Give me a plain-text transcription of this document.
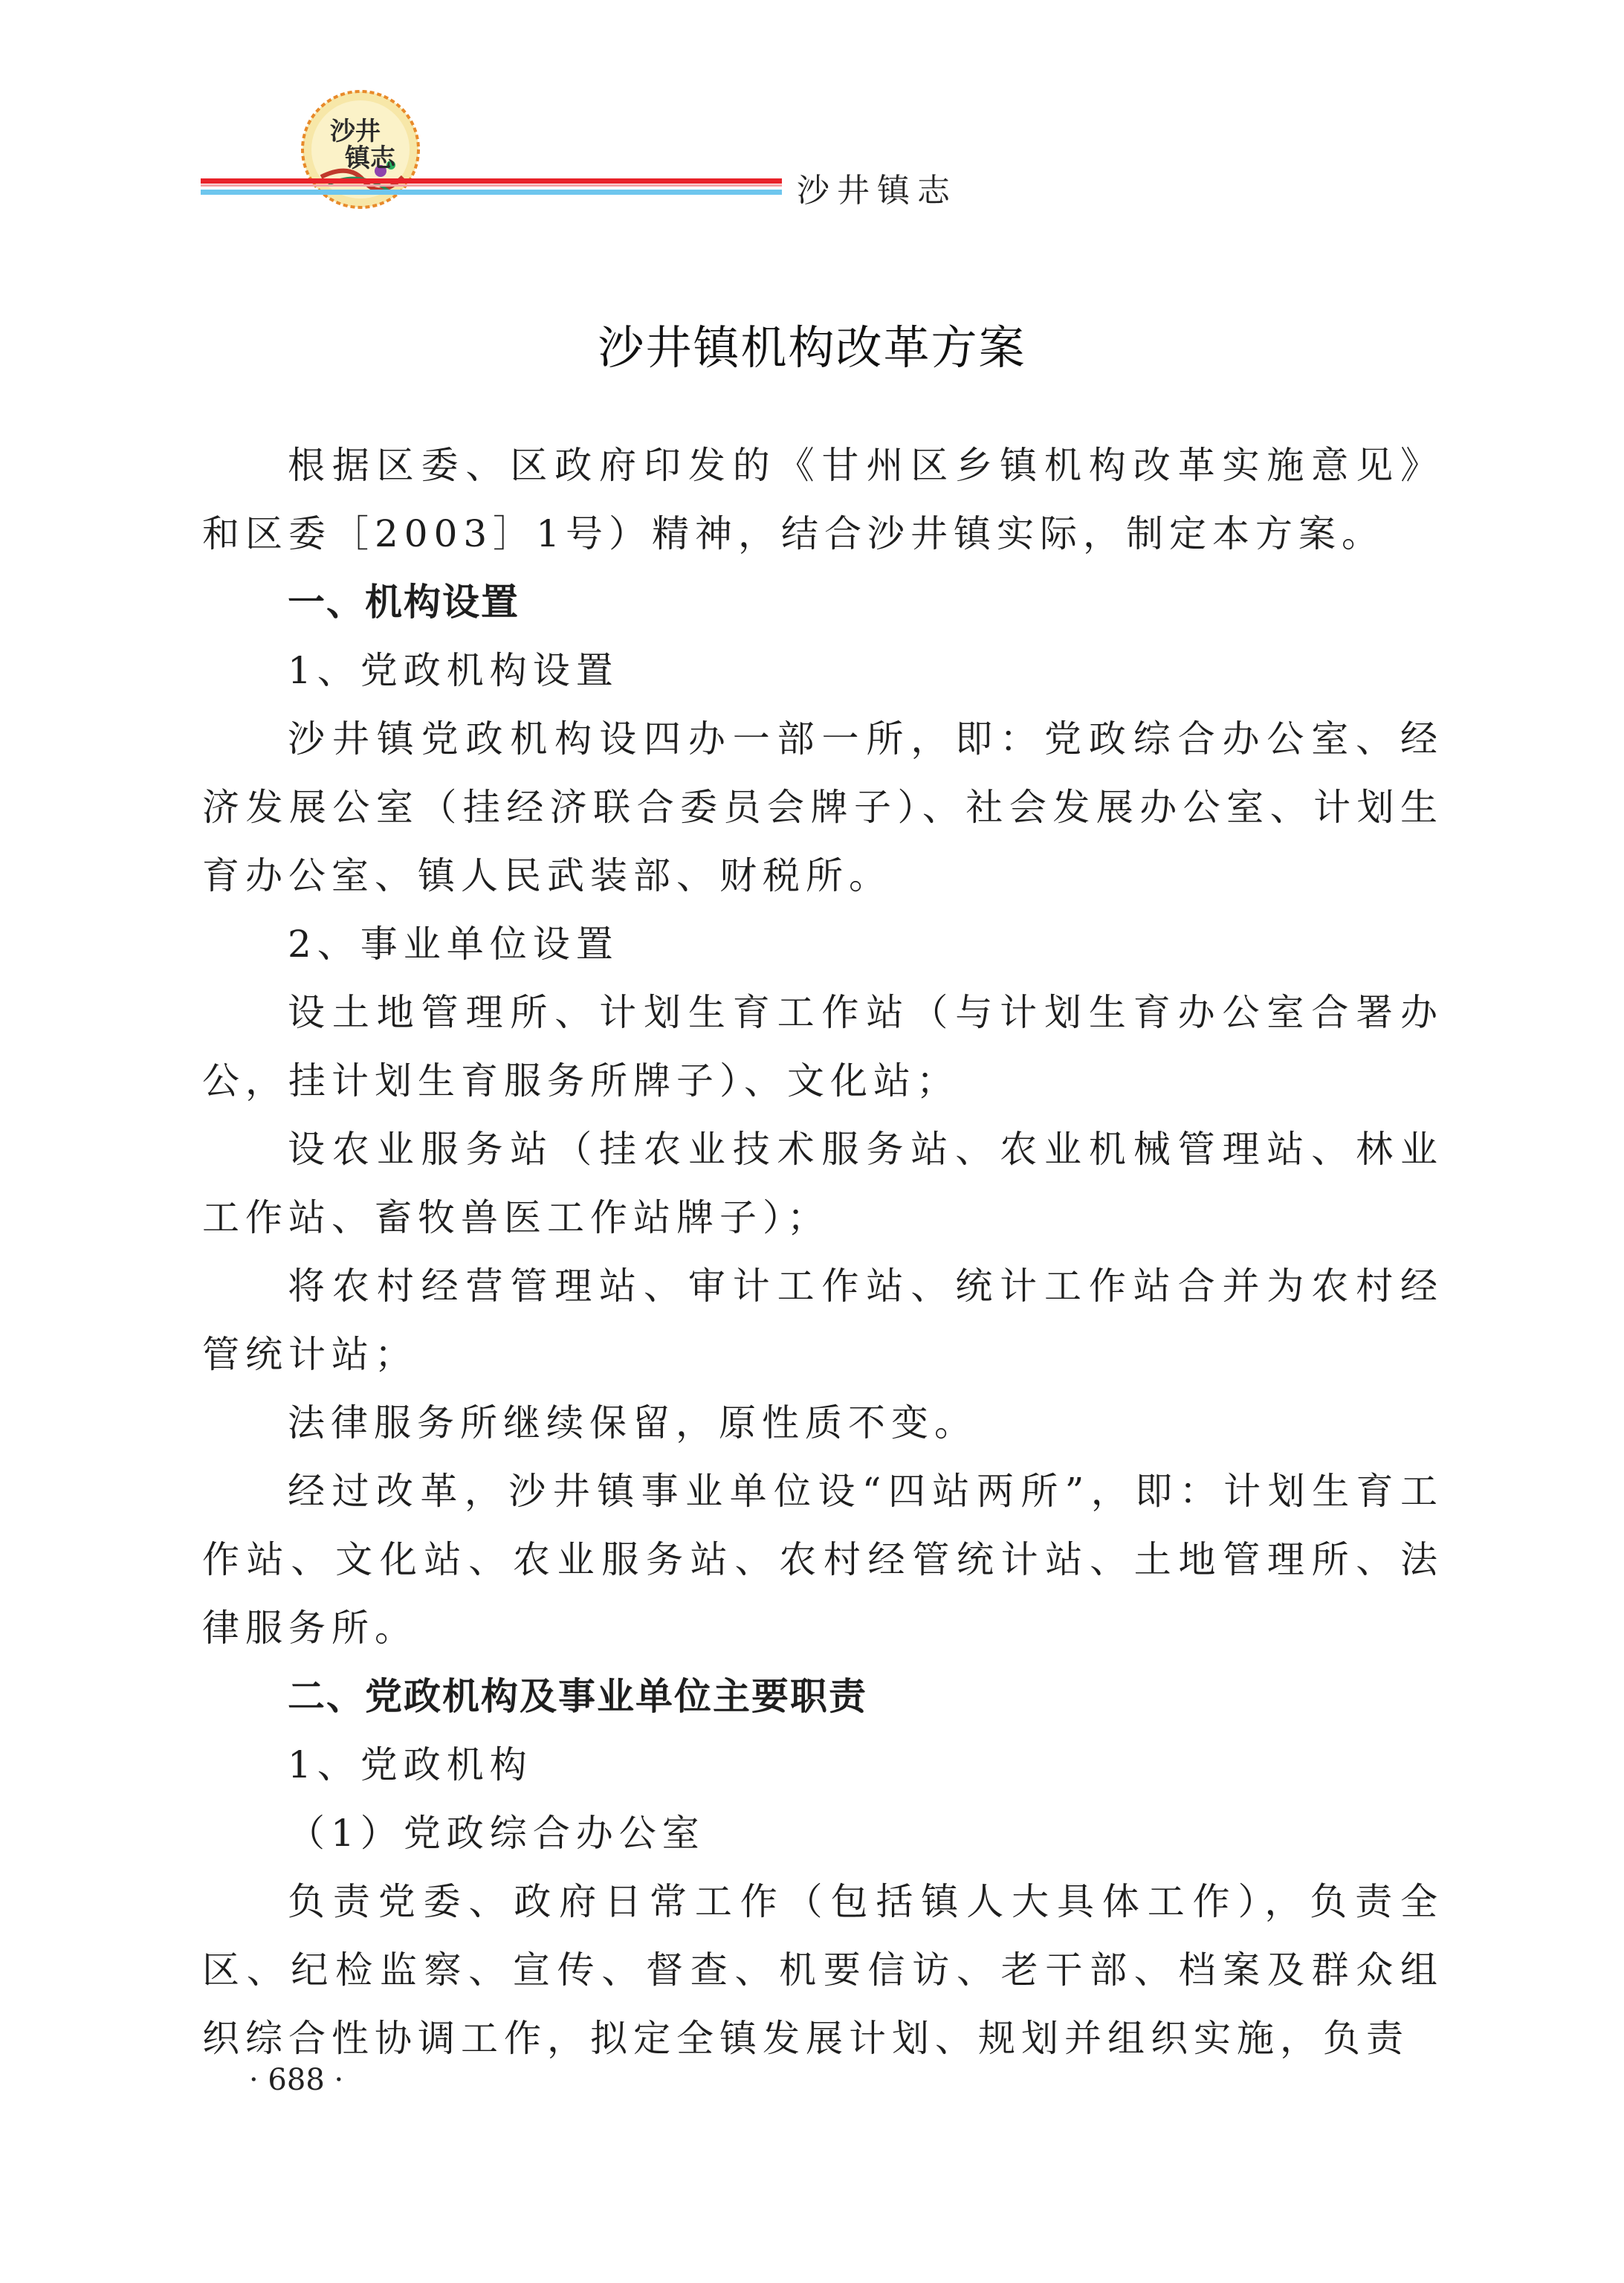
沙井
镇志
沙井镇志
沙井镇机构改革方案

根据区委、区政府印发的《甘州区乡镇机构改革实施意见》和区委［2003］1号）精神，结合沙井镇实际，制定本方案。

一、机构设置

1、党政机构设置

沙井镇党政机构设四办一部一所，即：党政综合办公室、经济发展公室（挂经济联合委员会牌子）、社会发展办公室、计划生育办公室、镇人民武装部、财税所。

2、事业单位设置

设土地管理所、计划生育工作站（与计划生育办公室合署办公，挂计划生育服务所牌子）、文化站；

设农业服务站（挂农业技术服务站、农业机械管理站、林业工作站、畜牧兽医工作站牌子）；

将农村经营管理站、审计工作站、统计工作站合并为农村经管统计站；

法律服务所继续保留，原性质不变。

经过改革，沙井镇事业单位设“四站两所”，即：计划生育工作站、文化站、农业服务站、农村经管统计站、土地管理所、法律服务所。

二、党政机构及事业单位主要职责

1、党政机构

（1）党政综合办公室

负责党委、政府日常工作（包括镇人大具体工作），负责全区、纪检监察、宣传、督查、机要信访、老干部、档案及群众组织综合性协调工作，拟定全镇发展计划、规划并组织实施，负责

· 688 ·
